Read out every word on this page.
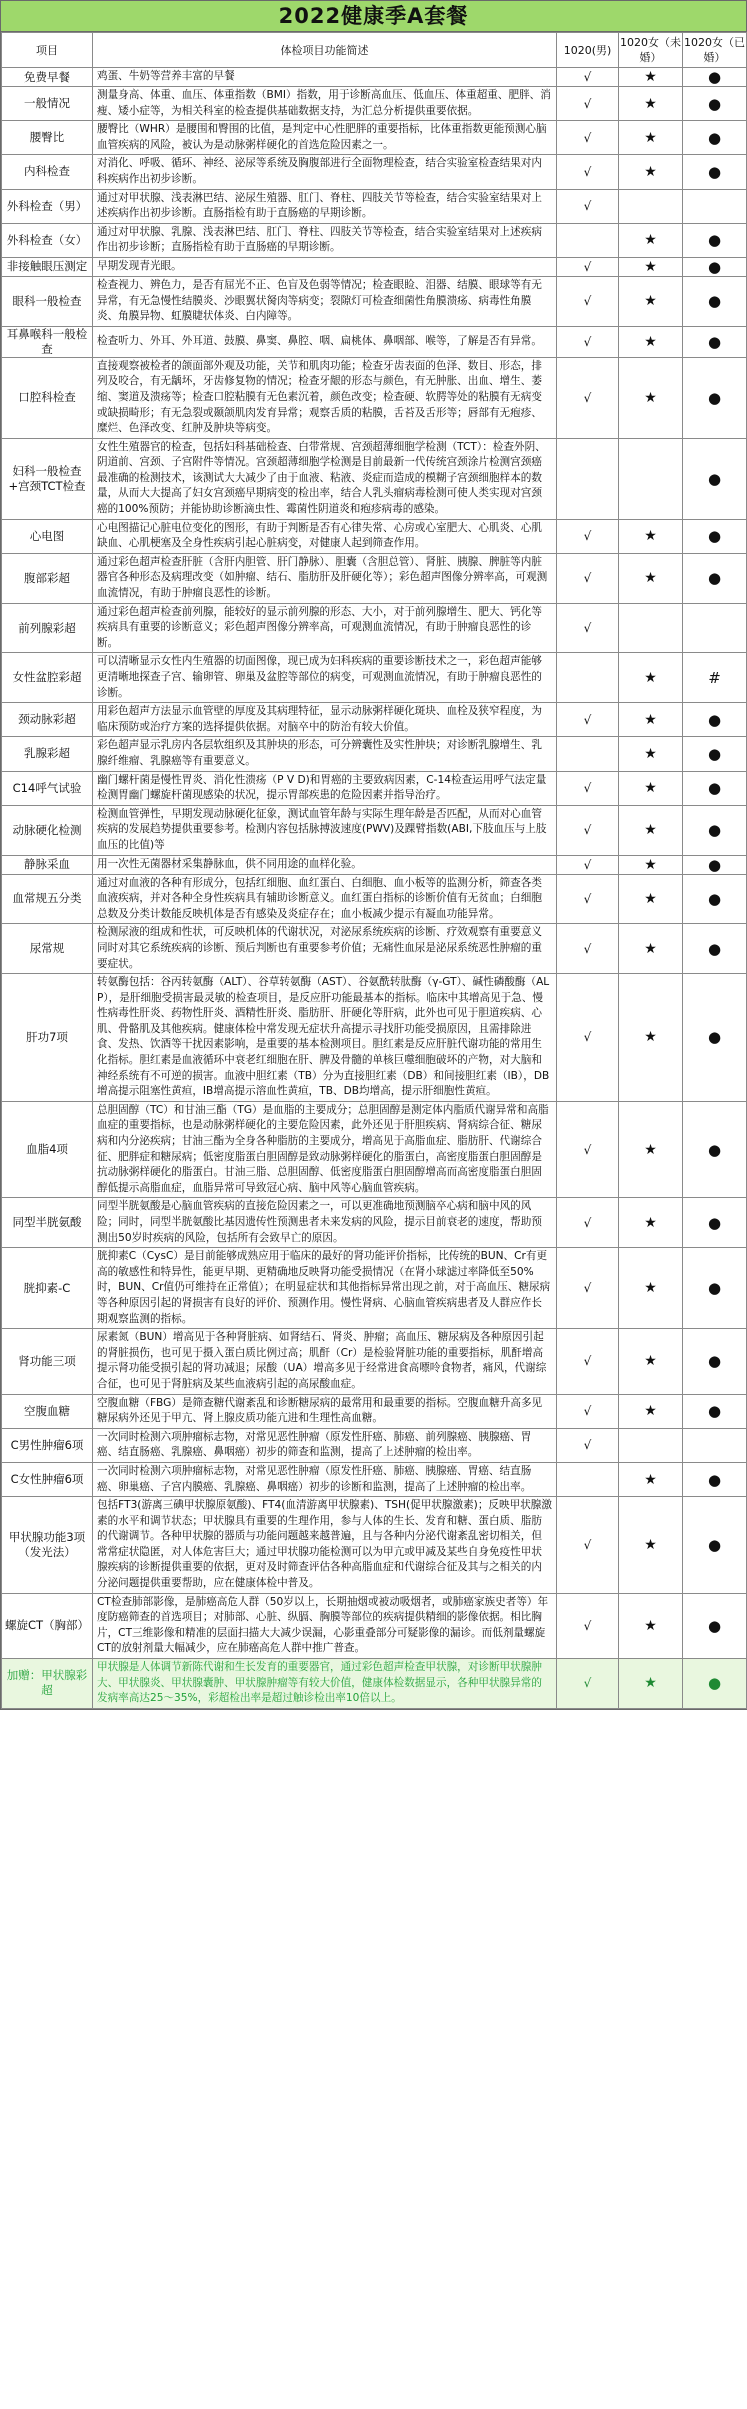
2022健康季A套餐
项目	体检项目功能简述	1020(男)	1020女（未婚）	1020女（已婚）
免费早餐	鸡蛋、牛奶等营养丰富的早餐	√	★	●
一般情况	测量身高、体重、血压、体重指数（BMI）指数，用于诊断高血压、低血压、体重超重、肥胖、消瘦、矮小症等，为相关科室的检查提供基础数据支持，为汇总分析提供重要依据。	√	★	●
腰臀比	腰臀比（WHR）是腰围和臀围的比值，是判定中心性肥胖的重要指标，比体重指数更能预测心脑血管疾病的风险，被认为是动脉粥样硬化的首选危险因素之一。	√	★	●
内科检查	对消化、呼吸、循环、神经、泌尿等系统及胸腹部进行全面物理检查，结合实验室检查结果对内科疾病作出初步诊断。	√	★	●
外科检查（男）	通过对甲状腺、浅表淋巴结、泌尿生殖器、肛门、脊柱、四肢关节等检查，结合实验室结果对上述疾病作出初步诊断。直肠指检有助于直肠癌的早期诊断。	√		
外科检查（女）	通过对甲状腺、乳腺、浅表淋巴结、肛门、脊柱、四肢关节等检查，结合实验室结果对上述疾病作出初步诊断；直肠指检有助于直肠癌的早期诊断。		★	●
非接触眼压测定	早期发现青光眼。	√	★	●
眼科一般检查	检查视力、辨色力，是否有屈光不正、色盲及色弱等情况；检查眼睑、泪器、结膜、眼球等有无异常，有无急慢性结膜炎、沙眼翼状胬肉等病变；裂隙灯可检查细菌性角膜溃疡、病毒性角膜炎、角膜异物、虹膜睫状体炎、白内障等。	√	★	●
耳鼻喉科一般检查	检查听力、外耳、外耳道、鼓膜、鼻窦、鼻腔、咽、扁桃体、鼻咽部、喉等，了解是否有异常。	√	★	●
口腔科检查	直接观察被检者的颌面部外观及功能，关节和肌肉功能；检查牙齿表面的色泽、数目、形态，排列及咬合，有无龋坏，牙齿修复物的情况；检查牙龈的形态与颜色，有无肿胀、出血、增生、萎缩、窦道及溃疡等；检查口腔粘膜有无色素沉着，颜色改变；检查硬、软腭等处的粘膜有无病变或缺损畸形；有无急裂或颞颌肌肉发育异常；观察舌质的粘膜，舌苔及舌形等；唇部有无疱疹、糜烂、色泽改变、红肿及肿块等病变。	√	★	●
妇科一般检查+宫颈TCT检查	女性生殖器官的检查，包括妇科基础检查、白带常规、宫颈超薄细胞学检测（TCT）：检查外阴、阴道前、宫颈、子宫附件等情况。宫颈超薄细胞学检测是目前最新一代传统宫颈涂片检测宫颈癌最准确的检测技术，该测试大大减少了由于血液、粘液、炎症而造成的模糊子宫颈细胞样本的数量，从而大大提高了妇女宫颈癌早期病变的检出率，结合人乳头瘤病毒检测可使人类实现对宫颈癌的100%预防；并能协助诊断滴虫性、霉菌性阴道炎和疱疹病毒的感染。			●
心电图	心电图描记心脏电位变化的图形，有助于判断是否有心律失常、心房或心室肥大、心肌炎、心肌缺血、心肌梗塞及全身性疾病引起心脏病变，对健康人起到筛查作用。	√	★	●
腹部彩超	通过彩色超声检查肝脏（含肝内胆管、肝门静脉）、胆囊（含胆总管）、肾脏、胰腺、脾脏等内脏器官各种形态及病理改变（如肿瘤、结石、脂肪肝及肝硬化等）；彩色超声图像分辨率高，可观测血流情况，有助于肿瘤良恶性的诊断。	√	★	●
前列腺彩超	通过彩色超声检查前列腺，能较好的显示前列腺的形态、大小，对于前列腺增生、肥大、钙化等疾病具有重要的诊断意义；彩色超声图像分辨率高，可观测血流情况，有助于肿瘤良恶性的诊断。	√		
女性盆腔彩超	可以清晰显示女性内生殖器的切面图像，现已成为妇科疾病的重要诊断技术之一，彩色超声能够更清晰地探查子宫、输卵管、卵巢及盆腔等部位的病变，可观测血流情况，有助于肿瘤良恶性的诊断。		★	#
颈动脉彩超	用彩色超声方法显示血管壁的厚度及其病理特征，显示动脉粥样硬化斑块、血栓及狭窄程度，为临床预防或治疗方案的选择提供依据。对脑卒中的防治有较大价值。	√	★	●
乳腺彩超	彩色超声显示乳房内各层软组织及其肿块的形态，可分辨囊性及实性肿块；对诊断乳腺增生、乳腺纤维瘤、乳腺癌等有重要意义。		★	●
C14呼气试验	幽门螺杆菌是慢性胃炎、消化性溃疡（P V D)和胃癌的主要致病因素，C-14检查运用呼气法定量检测胃幽门螺旋杆菌现感染的状况，提示胃部疾患的危险因素并指导治疗。	√	★	●
动脉硬化检测	检测血管弹性，早期发现动脉硬化征象，测试血管年龄与实际生理年龄是否匹配，从而对心血管疾病的发展趋势提供重要参考。检测内容包括脉搏波速度(PWV)及踝臂指数(ABI,下肢血压与上肢血压的比值)等	√	★	●
静脉采血	用一次性无菌器材采集静脉血，供不同用途的血样化验。	√	★	●
血常规五分类	通过对血液的各种有形成分，包括红细胞、血红蛋白、白细胞、血小板等的监测分析，筛查各类血液疾病，并对各种全身性疾病具有辅助诊断意义。血红蛋白指标的诊断价值有无贫血；白细胞总数及分类计数能反映机体是否有感染及炎症存在；血小板减少提示有凝血功能异常。	√	★	●
尿常规	检测尿液的组成和性状，可反映机体的代谢状况，对泌尿系统疾病的诊断、疗效观察有重要意义同时对其它系统疾病的诊断、预后判断也有重要参考价值；无痛性血尿是泌尿系统恶性肿瘤的重要症状。	√	★	●
肝功7项	转氨酶包括：谷丙转氨酶（ALT）、谷草转氨酶（AST）、谷氨酰转肽酶（γ-GT）、碱性磷酸酶（ALP），是肝细胞受损害最灵敏的检查项目，是反应肝功能最基本的指标。临床中其增高见于急、慢性病毒性肝炎、药物性肝炎、酒精性肝炎、脂肪肝、肝硬化等肝病，此外也可见于胆道疾病、心肌、骨骼肌及其他疾病。健康体检中常发现无症状升高提示寻找肝功能受损原因，且需排除进食、发热、饮酒等干扰因素影响，是重要的基本检测项目。胆红素是反应肝脏代谢功能的常用生化指标。胆红素是血液循环中衰老红细胞在肝、脾及骨髓的单核巨噬细胞破坏的产物，对大脑和神经系统有不可逆的损害。血液中胆红素（TB）分为直接胆红素（DB）和间接胆红素（IB），DB增高提示阻塞性黄疸，IB增高提示溶血性黄疸，TB、DB均增高，提示肝细胞性黄疸。	√	★	●
血脂4项	总胆固醇（TC）和甘油三酯（TG）是血脂的主要成分；总胆固醇是测定体内脂质代谢异常和高脂血症的重要指标，也是动脉粥样硬化的主要危险因素，此外还见于肝胆疾病、肾病综合征、糖尿病和内分泌疾病；甘油三酯为全身各种脂肪的主要成分，增高见于高脂血症、脂肪肝、代谢综合征、肥胖症和糖尿病；低密度脂蛋白胆固醇是致动脉粥样硬化的脂蛋白，高密度脂蛋白胆固醇是抗动脉粥样硬化的脂蛋白。甘油三脂、总胆固醇、低密度脂蛋白胆固醇增高而高密度脂蛋白胆固醇低提示高脂血症，血脂异常可导致冠心病、脑中风等心脑血管疾病。	√	★	●
同型半胱氨酸	同型半胱氨酸是心脑血管疾病的直接危险因素之一，可以更准确地预测脑卒心病和脑中风的风险；同时，同型半胱氨酸比基因遗传性预测患者未来发病的风险，提示目前衰老的速度，帮助预测出50岁时疾病的风险，包括所有会致早亡的原因。	√	★	●
胱抑素-C	胱抑素C（CysC）是目前能够成熟应用于临床的最好的肾功能评价指标，比传统的BUN、Cr有更高的敏感性和特异性，能更早期、更精确地反映肾功能受损情况（在肾小球滤过率降低至50%时，BUN、Cr值仍可维持在正常值）；在明显症状和其他指标异常出现之前，对于高血压、糖尿病等各种原因引起的肾损害有良好的评价、预测作用。慢性肾病、心脑血管疾病患者及人群应作长期观察监测的指标。	√	★	●
肾功能三项	尿素氮（BUN）增高见于各种肾脏病、如肾结石、肾炎、肿瘤；高血压、糖尿病及各种原因引起的肾脏损伤，也可见于摄入蛋白质比例过高；肌酐（Cr）是检验肾脏功能的重要指标，肌酐增高提示肾功能受损引起的肾功减退；尿酸（UA）增高多见于经常进食高嘌呤食物者，痛风，代谢综合征，也可见于肾脏病及某些血液病引起的高尿酸血症。	√	★	●
空腹血糖	空腹血糖（FBG）是筛查糖代谢紊乱和诊断糖尿病的最常用和最重要的指标。空腹血糖升高多见糖尿病外还见于甲亢、肾上腺皮质功能亢进和生理性高血糖。	√	★	●
C男性肿瘤6项	一次同时检测六项肿瘤标志物，对常见恶性肿瘤（原发性肝癌、肺癌、前列腺癌、胰腺癌、胃癌、结直肠癌、乳腺癌、鼻咽癌）初步的筛查和监测，提高了上述肿瘤的检出率。	√		
C女性肿瘤6项	一次同时检测六项肿瘤标志物，对常见恶性肿瘤（原发性肝癌、肺癌、胰腺癌、胃癌、结直肠癌、卵巢癌、子宫内膜癌、乳腺癌、鼻咽癌）初步的诊断和监测，提高了上述肿瘤的检出率。		★	●
甲状腺功能3项（发光法）	包括FT3(游离三碘甲状腺原氨酸)、FT4(血清游离甲状腺素)、TSH(促甲状腺激素)；反映甲状腺激素的水平和调节状态；甲状腺具有重要的生理作用，参与人体的生长、发育和糖、蛋白质、脂肪的代谢调节。各种甲状腺的器质与功能问题越来越普遍，且与各种内分泌代谢紊乱密切相关，但常常症状隐匿，对人体危害巨大；通过甲状腺功能检测可以为甲亢或甲减及某些自身免疫性甲状腺疾病的诊断提供重要的依据，更对及时筛查评估各种高脂血症和代谢综合征及其与之相关的内分泌问题提供重要帮助，应在健康体检中普及。	√	★	●
螺旋CT（胸部）	CT检查肺部影像，是肺癌高危人群（50岁以上，长期抽烟或被动吸烟者，或肺癌家族史者等）年度防癌筛查的首选项目；对肺部、心脏、纵膈、胸膜等部位的疾病提供精细的影像依据。相比胸片，CT三维影像和精准的层面扫描大大减少误漏，心影重叠部分可疑影像的漏诊。而低剂量螺旋CT的放射剂量大幅减少，应在肺癌高危人群中推广普查。	√	★	●
加赠：甲状腺彩超	甲状腺是人体调节新陈代谢和生长发育的重要器官，通过彩色超声检查甲状腺，对诊断甲状腺肿大、甲状腺炎、甲状腺囊肿、甲状腺肿瘤等有较大价值，健康体检数据显示，各种甲状腺异常的发病率高达25～35%，彩超检出率是超过触诊检出率10倍以上。	√	★	●
